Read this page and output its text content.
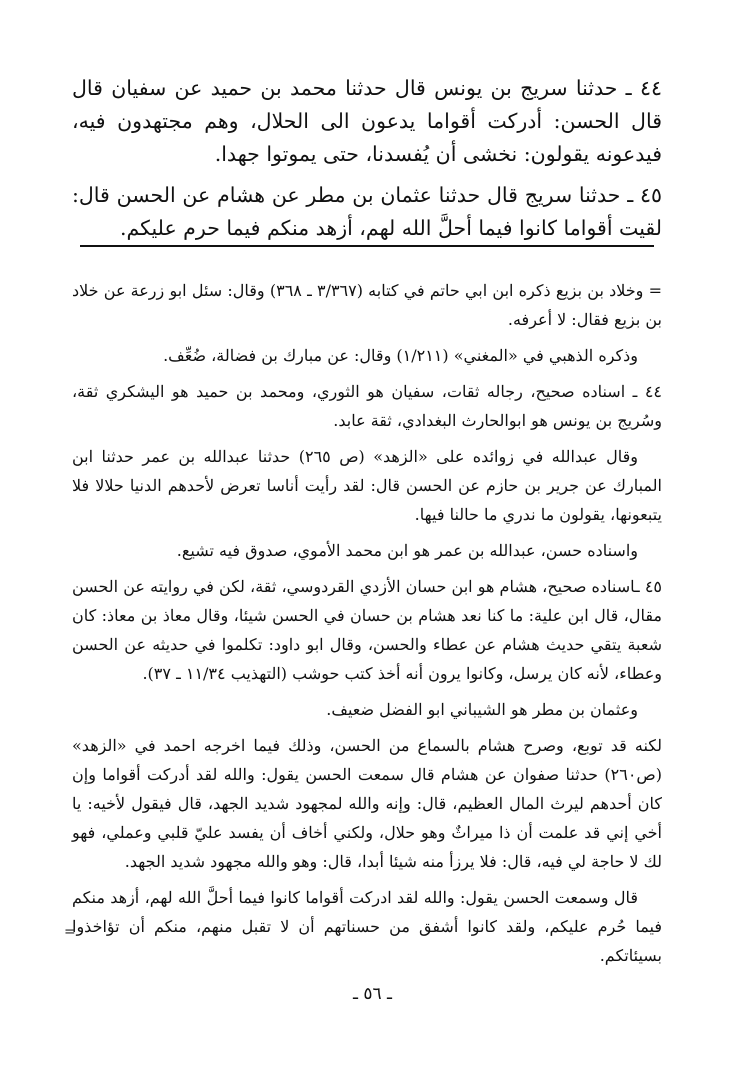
٤٤ ـ حدثنا سريج بن يونس قال حدثنا محمد بن حميد عن سفيان قال قال الحسن: أدركت أقواما يدعون الى الحلال، وهم مجتهدون فيه، فيدعونه يقولون: نخشى أن يُفسدنا، حتى يموتوا جهدا.

٤٥ ـ حدثنا سريج قال حدثنا عثمان بن مطر عن هشام عن الحسن قال: لقيت أقواما كانوا فيما أحلَّ الله لهم، أزهد منكم فيما حرم عليكم.

= وخلاد بن بزيع ذكره ابن ابي حاتم في كتابه (٣/٣٦٧ ـ ٣٦٨) وقال: سئل ابو زرعة عن خلاد بن بزيع فقال: لا أعرفه.

وذكره الذهبي في «المغني» (١/٢١١) وقال: عن مبارك بن فضالة، ضُعِّف.

٤٤ ـ اسناده صحيح، رجاله ثقات، سفيان هو الثوري، ومحمد بن حميد هو اليشكري ثقة، وسُريج بن يونس هو ابوالحارث البغدادي، ثقة عابد.

وقال عبدالله في زوائده على «الزهد» (ص ٢٦٥) حدثنا عبدالله بن عمر حدثنا ابن المبارك عن جرير بن حازم عن الحسن قال: لقد رأيت أناسا تعرض لأحدهم الدنيا حلالا فلا يتبعونها، يقولون ما ندري ما حالنا فيها.

واسناده حسن، عبدالله بن عمر هو ابن محمد الأموي، صدوق فيه تشيع.

٤٥ ـاسناده صحيح، هشام هو ابن حسان الأزدي القردوسي، ثقة، لكن في روايته عن الحسن مقال، قال ابن علية: ما كنا نعد هشام بن حسان في الحسن شيئا، وقال معاذ بن معاذ: كان شعبة يتقي حديث هشام عن عطاء والحسن، وقال ابو داود: تكلموا في حديثه عن الحسن وعطاء، لأنه كان يرسل، وكانوا يرون أنه أخذ كتب حوشب (التهذيب ١١/٣٤ ـ ٣٧).

وعثمان بن مطر هو الشيباني ابو الفضل ضعيف.

لكنه قد توبع، وصرح هشام بالسماع من الحسن، وذلك فيما اخرجه احمد في «الزهد» (ص٢٦٠) حدثنا صفوان عن هشام قال سمعت الحسن يقول: والله لقد أدركت أقواما وإن كان أحدهم ليرث المال العظيم، قال: وإنه والله لمجهود شديد الجهد، قال فيقول لأخيه: يا أخي إني قد علمت أن ذا ميراثٌ وهو حلال، ولكني أخاف أن يفسد عليّ قلبي وعملي، فهو لك لا حاجة لي فيه، قال: فلا يرزأ منه شيئا أبدا، قال: وهو والله مجهود شديد الجهد.

قال وسمعت الحسن يقول: والله لقد ادركت أقواما كانوا فيما أحلَّ الله لهم، أزهد منكم فيما حُرم عليكم، ولقد كانوا أشفق من حسناتهم أن لا تقبل منهم، منكم أن تؤاخذوا بسيئاتكم.

=
ـ ٥٦ ـ
